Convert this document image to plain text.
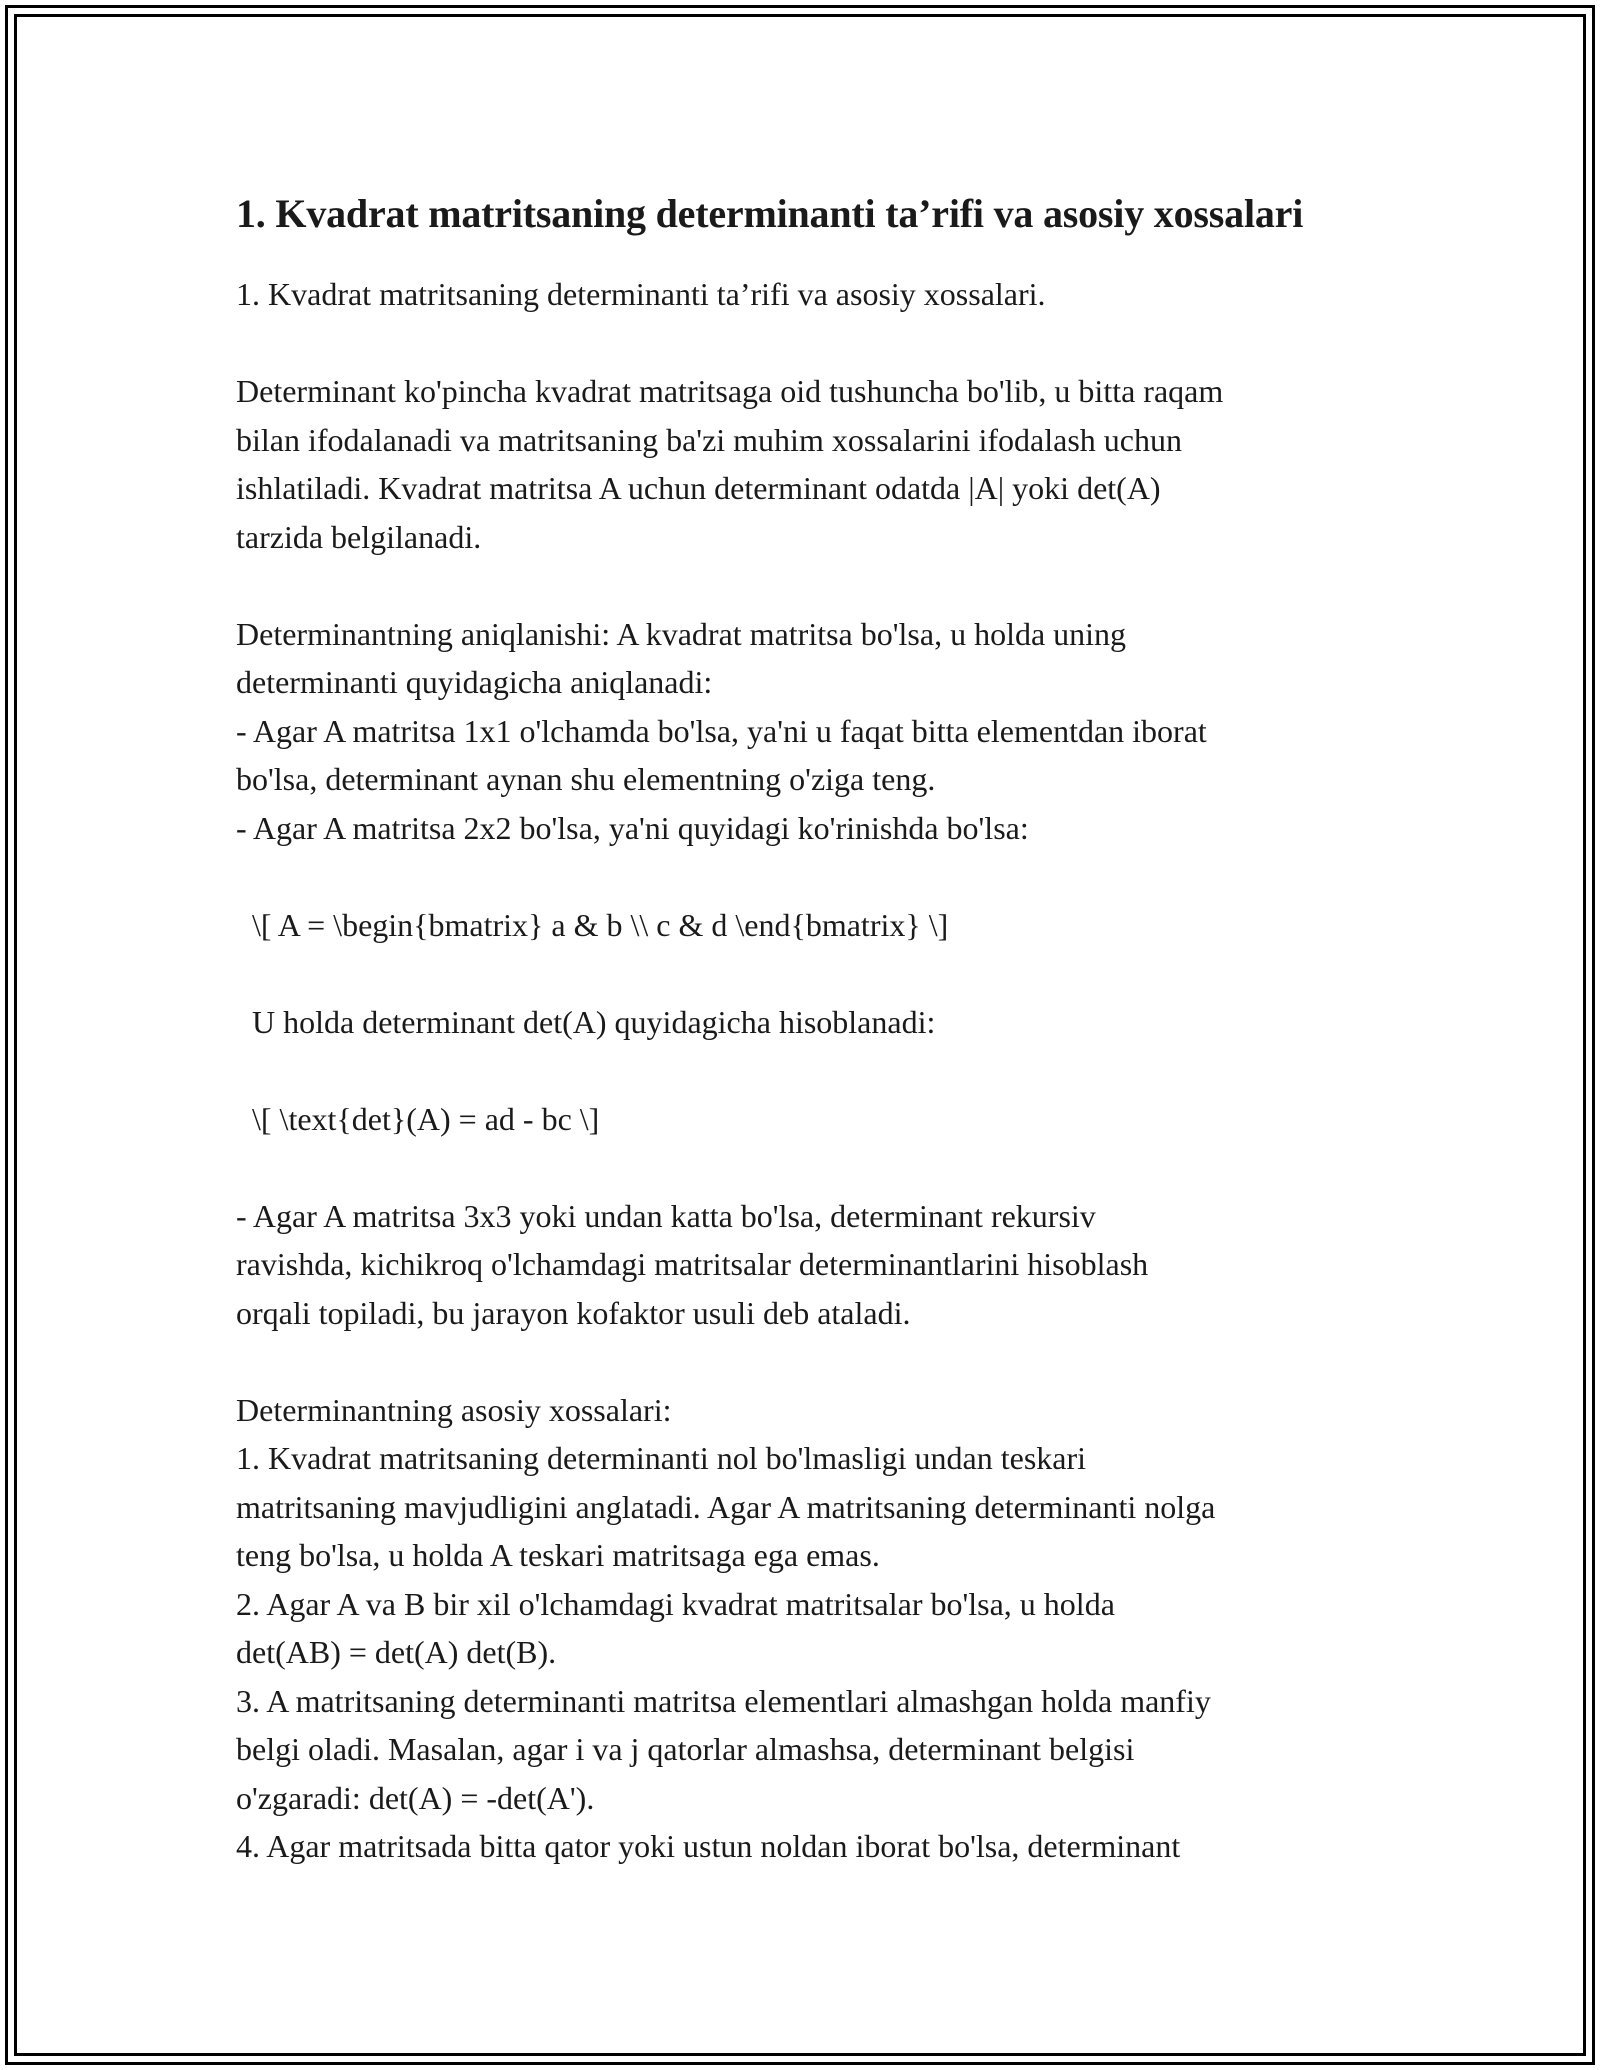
1. Kvadrat matritsaning determinanti ta’rifi va asosiy xossalari

1. Kvadrat matritsaning determinanti ta’rifi va asosiy xossalari.

Determinant ko'pincha kvadrat matritsaga oid tushuncha bo'lib, u bitta raqam
bilan ifodalanadi va matritsaning ba'zi muhim xossalarini ifodalash uchun
ishlatiladi. Kvadrat matritsa A uchun determinant odatda |A| yoki det(A)
tarzida belgilanadi.

Determinantning aniqlanishi: A kvadrat matritsa bo'lsa, u holda uning
determinanti quyidagicha aniqlanadi:
- Agar A matritsa 1x1 o'lchamda bo'lsa, ya'ni u faqat bitta elementdan iborat
bo'lsa, determinant aynan shu elementning o'ziga teng.
- Agar A matritsa 2x2 bo'lsa, ya'ni quyidagi ko'rinishda bo'lsa:

\[ A = \begin{bmatrix} a & b \\ c & d \end{bmatrix} \]

U holda determinant det(A) quyidagicha hisoblanadi:

\[ \text{det}(A) = ad - bc \]

- Agar A matritsa 3x3 yoki undan katta bo'lsa, determinant rekursiv
ravishda, kichikroq o'lchamdagi matritsalar determinantlarini hisoblash
orqali topiladi, bu jarayon kofaktor usuli deb ataladi.

Determinantning asosiy xossalari:
1. Kvadrat matritsaning determinanti nol bo'lmasligi undan teskari
matritsaning mavjudligini anglatadi. Agar A matritsaning determinanti nolga
teng bo'lsa, u holda A teskari matritsaga ega emas.
2. Agar A va B bir xil o'lchamdagi kvadrat matritsalar bo'lsa, u holda
det(AB) = det(A) det(B).
3. A matritsaning determinanti matritsa elementlari almashgan holda manfiy
belgi oladi. Masalan, agar i va j qatorlar almashsa, determinant belgisi
o'zgaradi: det(A) = -det(A').
4. Agar matritsada bitta qator yoki ustun noldan iborat bo'lsa, determinant
